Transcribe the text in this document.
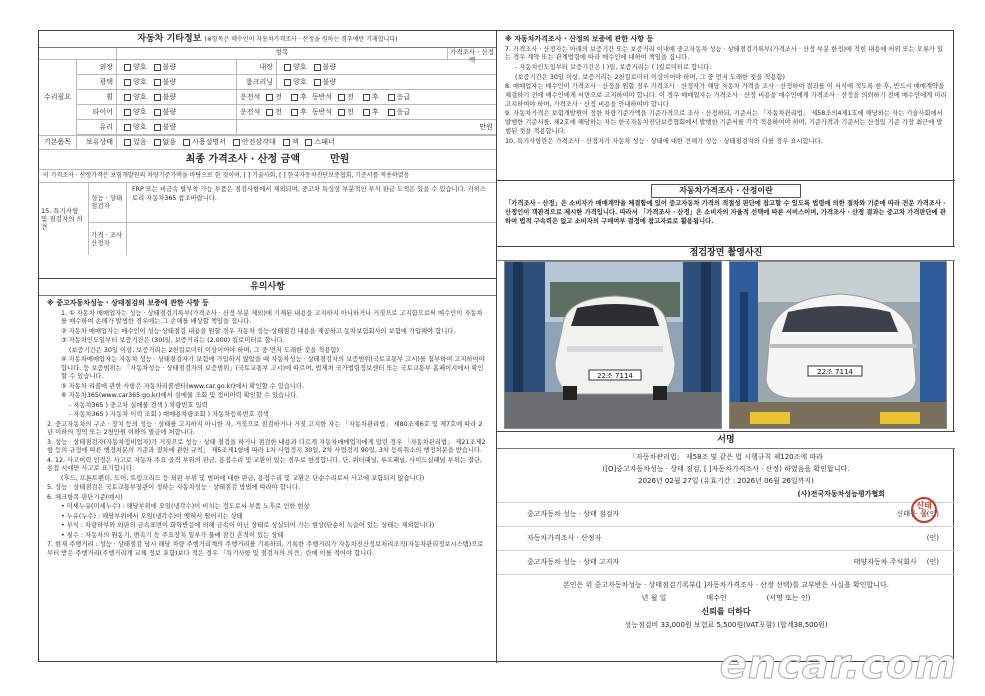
자동차 기타정보 (※항목은 매수인이 자동차가격조사 · 산정을 원하는 경우에만 기재합니다)
항목	가격조사 · 산정액
수리필요
외장	양호 불량	내장	양호 불량
광택	양호 불량	룸크리닝	양호 불량
휠	양호 불량	운전석 전	후 동반석 전	후	응급
타이어	양호 불량	운전석 전	후 동반석 전	후	응급
유리	양호 불량	만원
기본품목	보유상태	있음 없음 사용설명서 안전삼각대 잭 스패너
최종 가격조사 · 산정 금액	만원
이 가격조사 · 산정가격은 보험개발원의 차량기준가액을 바탕으로 한 것이며, [ ] 기술사회, [ ] 한국자동차진단보증협회, 기준서를 적용하였음
15. 특기사항 및 점검자의 의견
성능 · 상태 점검자
FRP 또는 비금속 탈부착 가능 부품은 점검사항에서 제외되며, 중고차 특성상 부분적인 부식 판금 도색은 있을 수 있습니다. 카히스토리 자동차365 참조바랍니다.
가격 · 조사 산정자
유의사항

※ 중고자동차성능 · 상태점검의 보증에 관한 사항 등

1. ① 자동차 매매업자는 성능 · 상태점검기록부(가격조사 · 산정 부분 제외)에 기재된 내용을 고지하지 아니하거나 거짓으로 고지함으로써 매수인이 자동차를 매수하여 손해가 발생한 경우에는 그 손해를 배상할 책임을 집니다.

② 자동차 매매업자는 매수인이 성능·상태점검 내용을 원할 경우 자동차 성능·상태점검 내용을 제공하고 동차보험회사의 보험에 가입해야 합니다.

③ 자동차인도일부터 보증기간은 (30)일, 보증거리는 (2,000) 킬로미터로 합니다.

(보증기간은 30일 이상, 보증거리는 2천킬로미터 이상이어야 하며, 그 중 먼저 도래한 것을 적용함)

④ 자동차매매업자는 자동차 성능 · 상태점검자가 보험에 가입하지 않았을 때 자동차성능 · 상태점검자의 보증범위(국토교통부 고시)를 첨부하여 고지하여야 합니다. 등 보증범위는 「자동차성능 · 상태점검자의 보증범위」(국토교통부 고시)에 따르며, 법제처 국가법령정보센터 또는 국토교통부 홈페이지에서 확인할 수 있습니다.

⑤ 자동차 리콜에 관한 사항은 자동차리콜센터(www.car.go.kr)에서 확인할 수 있습니다.

⑥ 자동차365(www.car365.go.kr)에서 실매물 조회 및 정비이력 확인할 수 있습니다.

- 자동차365 ) 중고차 실매물 검색 ) 차량번호 입력

- 자동차365 ) 자동차 이력 조회 ) 매매용차량조회 ) 자동차등록번호 검색

2. 중고자동차의 구조 · 장치 등의 성능 · 상태를 고지하지 아니한 자, 거짓으로 점검하거나 거짓 고지한 자는 「자동차관리법」 제80조제6호 및 제7호에 따라 2년 이하의 징역 또는 2천만원 이하의 벌금에 처합니다.

3. 성능 · 상태점검자(자동차정비업자)가 거짓으로 성능 · 상태 점검을 하거나 점검한 내용과 다르게 자동차매매업자에게 알린 경우 「자동차관리법」 제21조제2항 등의 규정에 따른 행정처분의 기준과 절차에 관한 규칙」 제5조제1항에 따라 1차 사업정지 30일, 2차 사업정지 90일, 3차 등록취소의 행정처분을 받습니다.

4. 12. 사고이력 인정은 사고로 자동차 주요 골격 부위의 판금, 용접수리 및 교환이 있는 경우로 한정합니다. 단, 쿼터패널, 루프패널, 사이드실패널 부위는 절단, 용접 시에만 사고로 표기합니다.

(후드, 프론트펜더, 도어, 트렁크리드 등 외판 부위 및 범퍼에 대한 판금, 용접수리 및 교환은 단순수리로서 사고에 포함되지 않습니다)

5. 성능 · 상태점검은 국토교통부장관이 정하는 자동차성능 · 상태점검 방법에 따라야 합니다.

6. 체크항목 판단기준(예시)

• 미세누유(미세누수) : 해당부위에 오일(냉각수)이 비치는 정도로서 부품 노후로 인한 현상

• 누유(누수) : 해당부위에서 오일(냉각수)이 맺혀서 떨어지는 상태

• 부식 : 차량하부와 외판의 금속표면이 화학반응에 의해 금속이 아닌 상태로 상실되어 가는 현상(단순히 녹슬어 있는 상태는 제외합니다)

• 침수 : 자동차의 원동기, 변속기 등 주요장치 일부가 물에 잠긴 흔적이 있는 상태

7. 현재 주행거리 : 성능 · 상태점검 당시 해당 차량 주행거리계의 주행거리를 기록하되, 기록한 주행거리가 자동차전산정보처리조직(자동차관리정보시스템)으로부터 받은 주행거리(주행거리계 교체 정보 포함)보다 적은 경우 「특기사항 및 점검자의 의견」란에 이를 적어야 합니다.

※ 자동차가격조사 · 산정의 보증에 관한 사항 등

7. 가격조사 · 산정자는 아래의 보증기간 또는 보증거리 이내에 중고자동차 성능 · 상태점검기록부(가격조사 · 산정 부분 한정)에 적힌 내용에 허위 또는 오류가 있는 경우 계약 또는 관계법령에 따라 매수인에 대하여 책임을 집니다.

- 자동차인도일부터 보증기간은 ( )일, 보증거리는 ( )킬로미터로 합니다.

(보증기간은 30일 이상, 보증거리는 2천킬로미터 이상이어야 하며, 그 중 먼저 도래한 것을 적용함)

8. 매매업자는 매수인이 가격조사 · 산정을 원할 경우 가격조사 · 산정자가 해당 자동차 가격을 조사 · 산정하여 결과를 이 서식에 적도록 한 후, 반드시 매매계약을 체결하기 전에 매수인에게 서면으로 고지하여야 합니다. 이 경우 매매업자는 가격조사 · 산정 비용을 매수인에게 가격조사 · 산정을 의뢰하기 전에 매수인에게 미리 고지하여야 하며, 가격조사 · 산정 비용을 안내하여야 합니다.

9. 자동차가격은 보험개발원이 정한 차량기준가액을 기준가격으로 조사 · 산정하되, 기준서는 「자동차관리법」 제58조의4제1호에 해당하는 자는 기술사회에서 발행한 기준서를, 제2호에 해당하는 자는 한국자동차진단보증협회에서 발행한 기준서를 각각 적용하여야 하며, 기준가격과 기준서는 산정일 기준 가장 최근에 발행된 것을 적용합니다.

10. 특기사항란은 가격조사 · 산정자가 자동차 성능 · 상태에 대한 견해가 성능 · 상태점검자와 다를 경우 표시합니다.

자동차가격조사 · 산정이란

「가격조사 · 산정」은 소비자가 매매계약을 체결함에 있어 중고자동차 가격의 적절성 판단에 참고할 수 있도록 법령에 의한 절차와 기준에 따라 전문 가격조사 · 산정인이 객관적으로 제시한 가격입니다. 따라서 「가격조사 · 산정」은 소비자의 자율적 선택에 따른 서비스이며, 가격조사 · 산정 결과는 중고차 가격판단에 관하여 법적 구속력은 없고 소비자의 구매여부 결정에 참고자료로 활용됩니다.

점검장면 촬영사진
22조 7114	22조 7114
서명
「자동차관리법」 제58조 및 같은 법 시행규칙 제120조에 따라
([O]중고자동차성능 · 상태 점검, [ ]자동차가격조사 · 산정) 하였음을 확인합니다.
2026년 02월 27일 (유효기간 : 2026년 06월 26일까지)
(사)전국자동차성능평가협회
중고자동차 성능 · 상태 점검자	신태웅 (인)
신태웅
자동차가격조사 · 산정자	(인)
중고자동차 성능 · 상태 고지자	태양자동차 주식회사 (인)
본인은 위 중고자동차성능 · 상태점검기록부([ ]자동차가격조사 · 산정 선택)를 교부받은 사실을 확인합니다.
년 월 일	매수인	(서명 또는 인)
신뢰를 더하다
성능점검비 33,000원 보험료 5,500원(VAT포함) (합계38,500원)
encar.com
